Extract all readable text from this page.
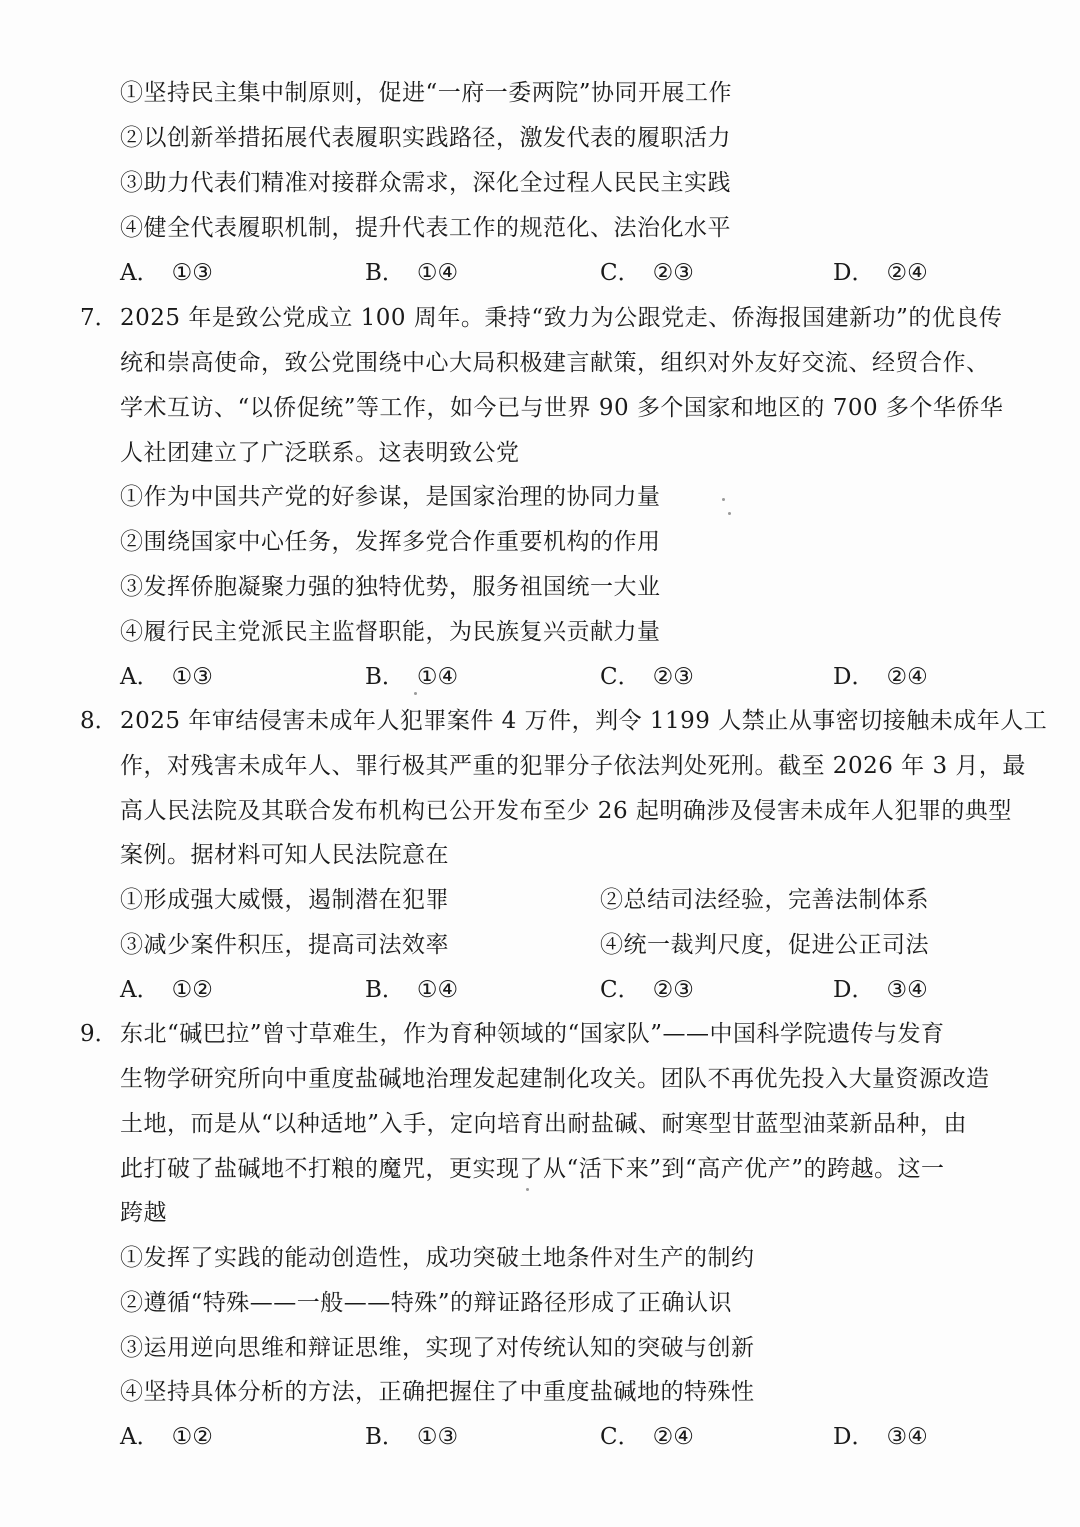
①坚持民主集中制原则，促进“一府一委两院”协同开展工作
②以创新举措拓展代表履职实践路径，激发代表的履职活力
③助力代表们精准对接群众需求，深化全过程人民民主实践
④健全代表履职机制，提升代表工作的规范化、法治化水平
A． ①③	B． ①④	C． ②③	D． ②④
7． 2025 年是致公党成立 100 周年。秉持“致力为公跟党走、侨海报国建新功”的优良传
统和崇高使命，致公党围绕中心大局积极建言献策，组织对外友好交流、经贸合作、
学术互访、“以侨促统”等工作，如今已与世界 90 多个国家和地区的 700 多个华侨华
人社团建立了广泛联系。这表明致公党
①作为中国共产党的好参谋，是国家治理的协同力量
②围绕国家中心任务，发挥多党合作重要机构的作用
③发挥侨胞凝聚力强的独特优势，服务祖国统一大业
④履行民主党派民主监督职能，为民族复兴贡献力量
A． ①③	B． ①④	C． ②③	D． ②④
8． 2025 年审结侵害未成年人犯罪案件 4 万件，判令 1199 人禁止从事密切接触未成年人工
作，对残害未成年人、罪行极其严重的犯罪分子依法判处死刑。截至 2026 年 3 月，最
高人民法院及其联合发布机构已公开发布至少 26 起明确涉及侵害未成年人犯罪的典型
案例。据材料可知人民法院意在
①形成强大威慑，遏制潜在犯罪	②总结司法经验，完善法制体系
③减少案件积压，提高司法效率	④统一裁判尺度，促进公正司法
A． ①②	B． ①④	C． ②③	D． ③④
9． 东北“碱巴拉”曾寸草难生，作为育种领域的“国家队”——中国科学院遗传与发育
生物学研究所向中重度盐碱地治理发起建制化攻关。团队不再优先投入大量资源改造
土地，而是从“以种适地”入手，定向培育出耐盐碱、耐寒型甘蓝型油菜新品种，由
此打破了盐碱地不打粮的魔咒，更实现了从“活下来”到“高产优产”的跨越。这一
跨越
①发挥了实践的能动创造性，成功突破土地条件对生产的制约
②遵循“特殊——一般——特殊”的辩证路径形成了正确认识
③运用逆向思维和辩证思维，实现了对传统认知的突破与创新
④坚持具体分析的方法，正确把握住了中重度盐碱地的特殊性
A． ①②	B． ①③	C． ②④	D． ③④
